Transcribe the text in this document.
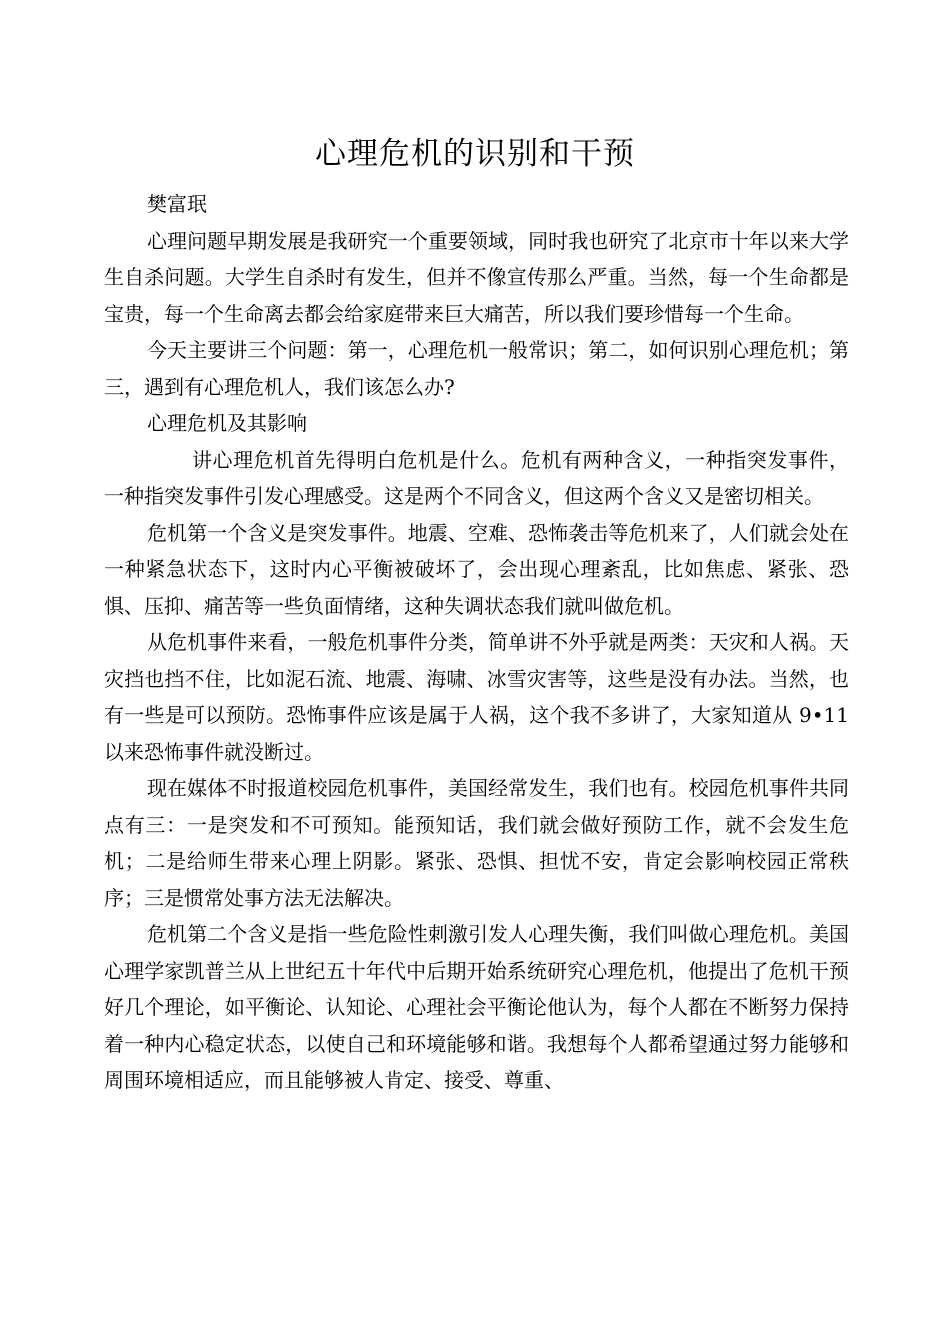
心理危机的识别和干预

樊富珉

心理问题早期发展是我研究一个重要领域，同时我也研究了北京市十年以来大学生自杀问题。大学生自杀时有发生，但并不像宣传那么严重。当然，每一个生命都是宝贵，每一个生命离去都会给家庭带来巨大痛苦，所以我们要珍惜每一个生命。

今天主要讲三个问题：第一，心理危机一般常识；第二，如何识别心理危机；第三，遇到有心理危机人，我们该怎么办?

心理危机及其影响

讲心理危机首先得明白危机是什么。危机有两种含义，一种指突发事件，一种指突发事件引发心理感受。这是两个不同含义，但这两个含义又是密切相关。

危机第一个含义是突发事件。地震、空难、恐怖袭击等危机来了，人们就会处在一种紧急状态下，这时内心平衡被破坏了，会出现心理紊乱，比如焦虑、紧张、恐惧、压抑、痛苦等一些负面情绪，这种失调状态我们就叫做危机。

从危机事件来看，一般危机事件分类，简单讲不外乎就是两类：天灾和人祸。天灾挡也挡不住，比如泥石流、地震、海啸、冰雪灾害等，这些是没有办法。当然，也有一些是可以预防。恐怖事件应该是属于人祸，这个我不多讲了，大家知道从 9•11 以来恐怖事件就没断过。

现在媒体不时报道校园危机事件，美国经常发生，我们也有。校园危机事件共同点有三：一是突发和不可预知。能预知话，我们就会做好预防工作，就不会发生危机；二是给师生带来心理上阴影。紧张、恐惧、担忧不安，肯定会影响校园正常秩序；三是惯常处事方法无法解决。

危机第二个含义是指一些危险性刺激引发人心理失衡，我们叫做心理危机。美国心理学家凯普兰从上世纪五十年代中后期开始系统研究心理危机，他提出了危机干预好几个理论，如平衡论、认知论、心理社会平衡论他认为，每个人都在不断努力保持着一种内心稳定状态，以使自己和环境能够和谐。我想每个人都希望通过努力能够和周围环境相适应，而且能够被人肯定、接受、尊重、
